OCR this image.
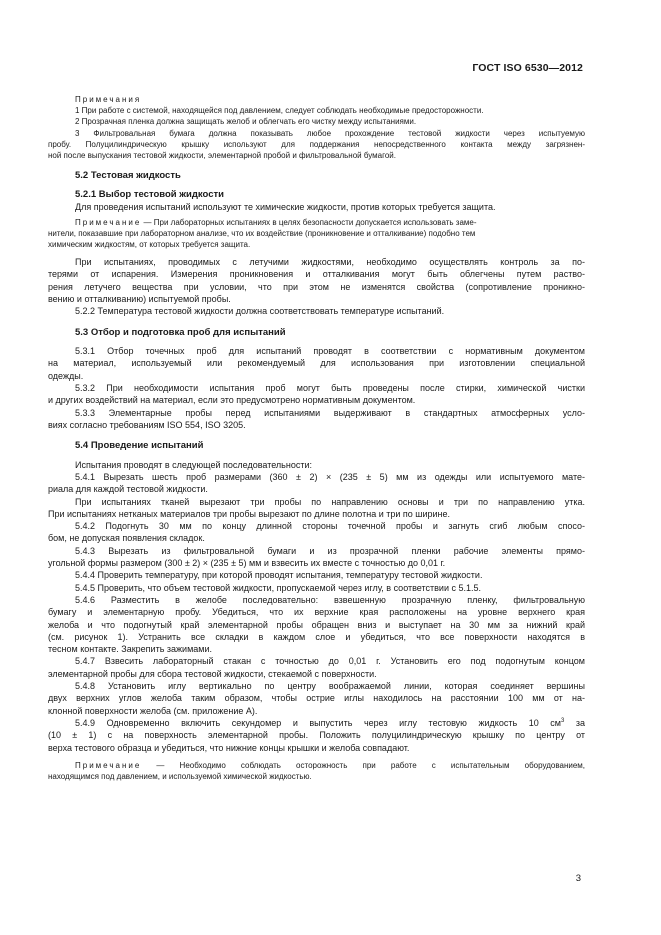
ГОСТ ISO 6530—2012
Примечания
1 При работе с системой, находящейся под давлением, следует соблюдать необходимые предосторожности.
2 Прозрачная пленка должна защищать желоб и облегчать его чистку между испытаниями.
3 Фильтровальная бумага должна показывать любое прохождение тестовой жидкости через испытуемую
пробу. Полуцилиндрическую крышку используют для поддержания непосредственного контакта между загрязнен-
ной после выпускания тестовой жидкости, элементарной пробой и фильтровальной бумагой.
5.2 Тестовая жидкость
5.2.1 Выбор тестовой жидкости
Для проведения испытаний используют те химические жидкости, против которых требуется защита.
Примечание — При лабораторных испытаниях в целях безопасности допускается использовать заме-
нители, показавшие при лабораторном анализе, что их воздействие (проникновение и отталкивание) подобно тем
химическим жидкостям, от которых требуется защита.
При испытаниях, проводимых с летучими жидкостями, необходимо осуществлять контроль за по-
терями от испарения. Измерения проникновения и отталкивания могут быть облегчены путем раство-
рения летучего вещества при условии, что при этом не изменятся свойства (сопротивление проникно-
вению и отталкиванию) испытуемой пробы.
5.2.2 Температура тестовой жидкости должна соответствовать температуре испытаний.
5.3 Отбор и подготовка проб для испытаний
5.3.1 Отбор точечных проб для испытаний проводят в соответствии с нормативным документом
на материал, используемый или рекомендуемый для использования при изготовлении специальной
одежды.
5.3.2 При необходимости испытания проб могут быть проведены после стирки, химической чистки
и других воздействий на материал, если это предусмотрено нормативным документом.
5.3.3 Элементарные пробы перед испытаниями выдерживают в стандартных атмосферных усло-
виях согласно требованиям ISO 554, ISO 3205.
5.4 Проведение испытаний
Испытания проводят в следующей последовательности:
5.4.1 Вырезать шесть проб размерами (360 ± 2) × (235 ± 5) мм из одежды или испытуемого мате-
риала для каждой тестовой жидкости.
При испытаниях тканей вырезают три пробы по направлению основы и три по направлению утка.
При испытаниях нетканых материалов три пробы вырезают по длине полотна и три по ширине.
5.4.2 Подогнуть 30 мм по концу длинной стороны точечной пробы и загнуть сгиб любым спосо-
бом, не допуская появления складок.
5.4.3 Вырезать из фильтровальной бумаги и из прозрачной пленки рабочие элементы прямо-
угольной формы размером (300 ± 2) × (235 ± 5) мм и взвесить их вместе с точностью до 0,01 г.
5.4.4 Проверить температуру, при которой проводят испытания, температуру тестовой жидкости.
5.4.5 Проверить, что объем тестовой жидкости, пропускаемой через иглу, в соответствии с 5.1.5.
5.4.6 Разместить в желобе последовательно: взвешенную прозрачную пленку, фильтровальную
бумагу и элементарную пробу. Убедиться, что их верхние края расположены на уровне верхнего края
желоба и что подогнутый край элементарной пробы обращен вниз и выступает на 30 мм за нижний край
(см. рисунок 1). Устранить все складки в каждом слое и убедиться, что все поверхности находятся в
тесном контакте. Закрепить зажимами.
5.4.7 Взвесить лабораторный стакан с точностью до 0,01 г. Установить его под подогнутым концом
элементарной пробы для сбора тестовой жидкости, стекаемой с поверхности.
5.4.8 Установить иглу вертикально по центру воображаемой линии, которая соединяет вершины
двух верхних углов желоба таким образом, чтобы острие иглы находилось на расстоянии 100 мм от на-
клонной поверхности желоба (см. приложение А).
5.4.9 Одновременно включить секундомер и выпустить через иглу тестовую жидкость 10 $см^3$ за
(10 ± 1) с на поверхность элементарной пробы. Положить полуцилиндрическую крышку по центру от
верха тестового образца и убедиться, что нижние концы крышки и желоба совпадают.
Примечание — Необходимо соблюдать осторожность при работе с испытательным оборудованием,
находящимся под давлением, и используемой химической жидкостью.
3
